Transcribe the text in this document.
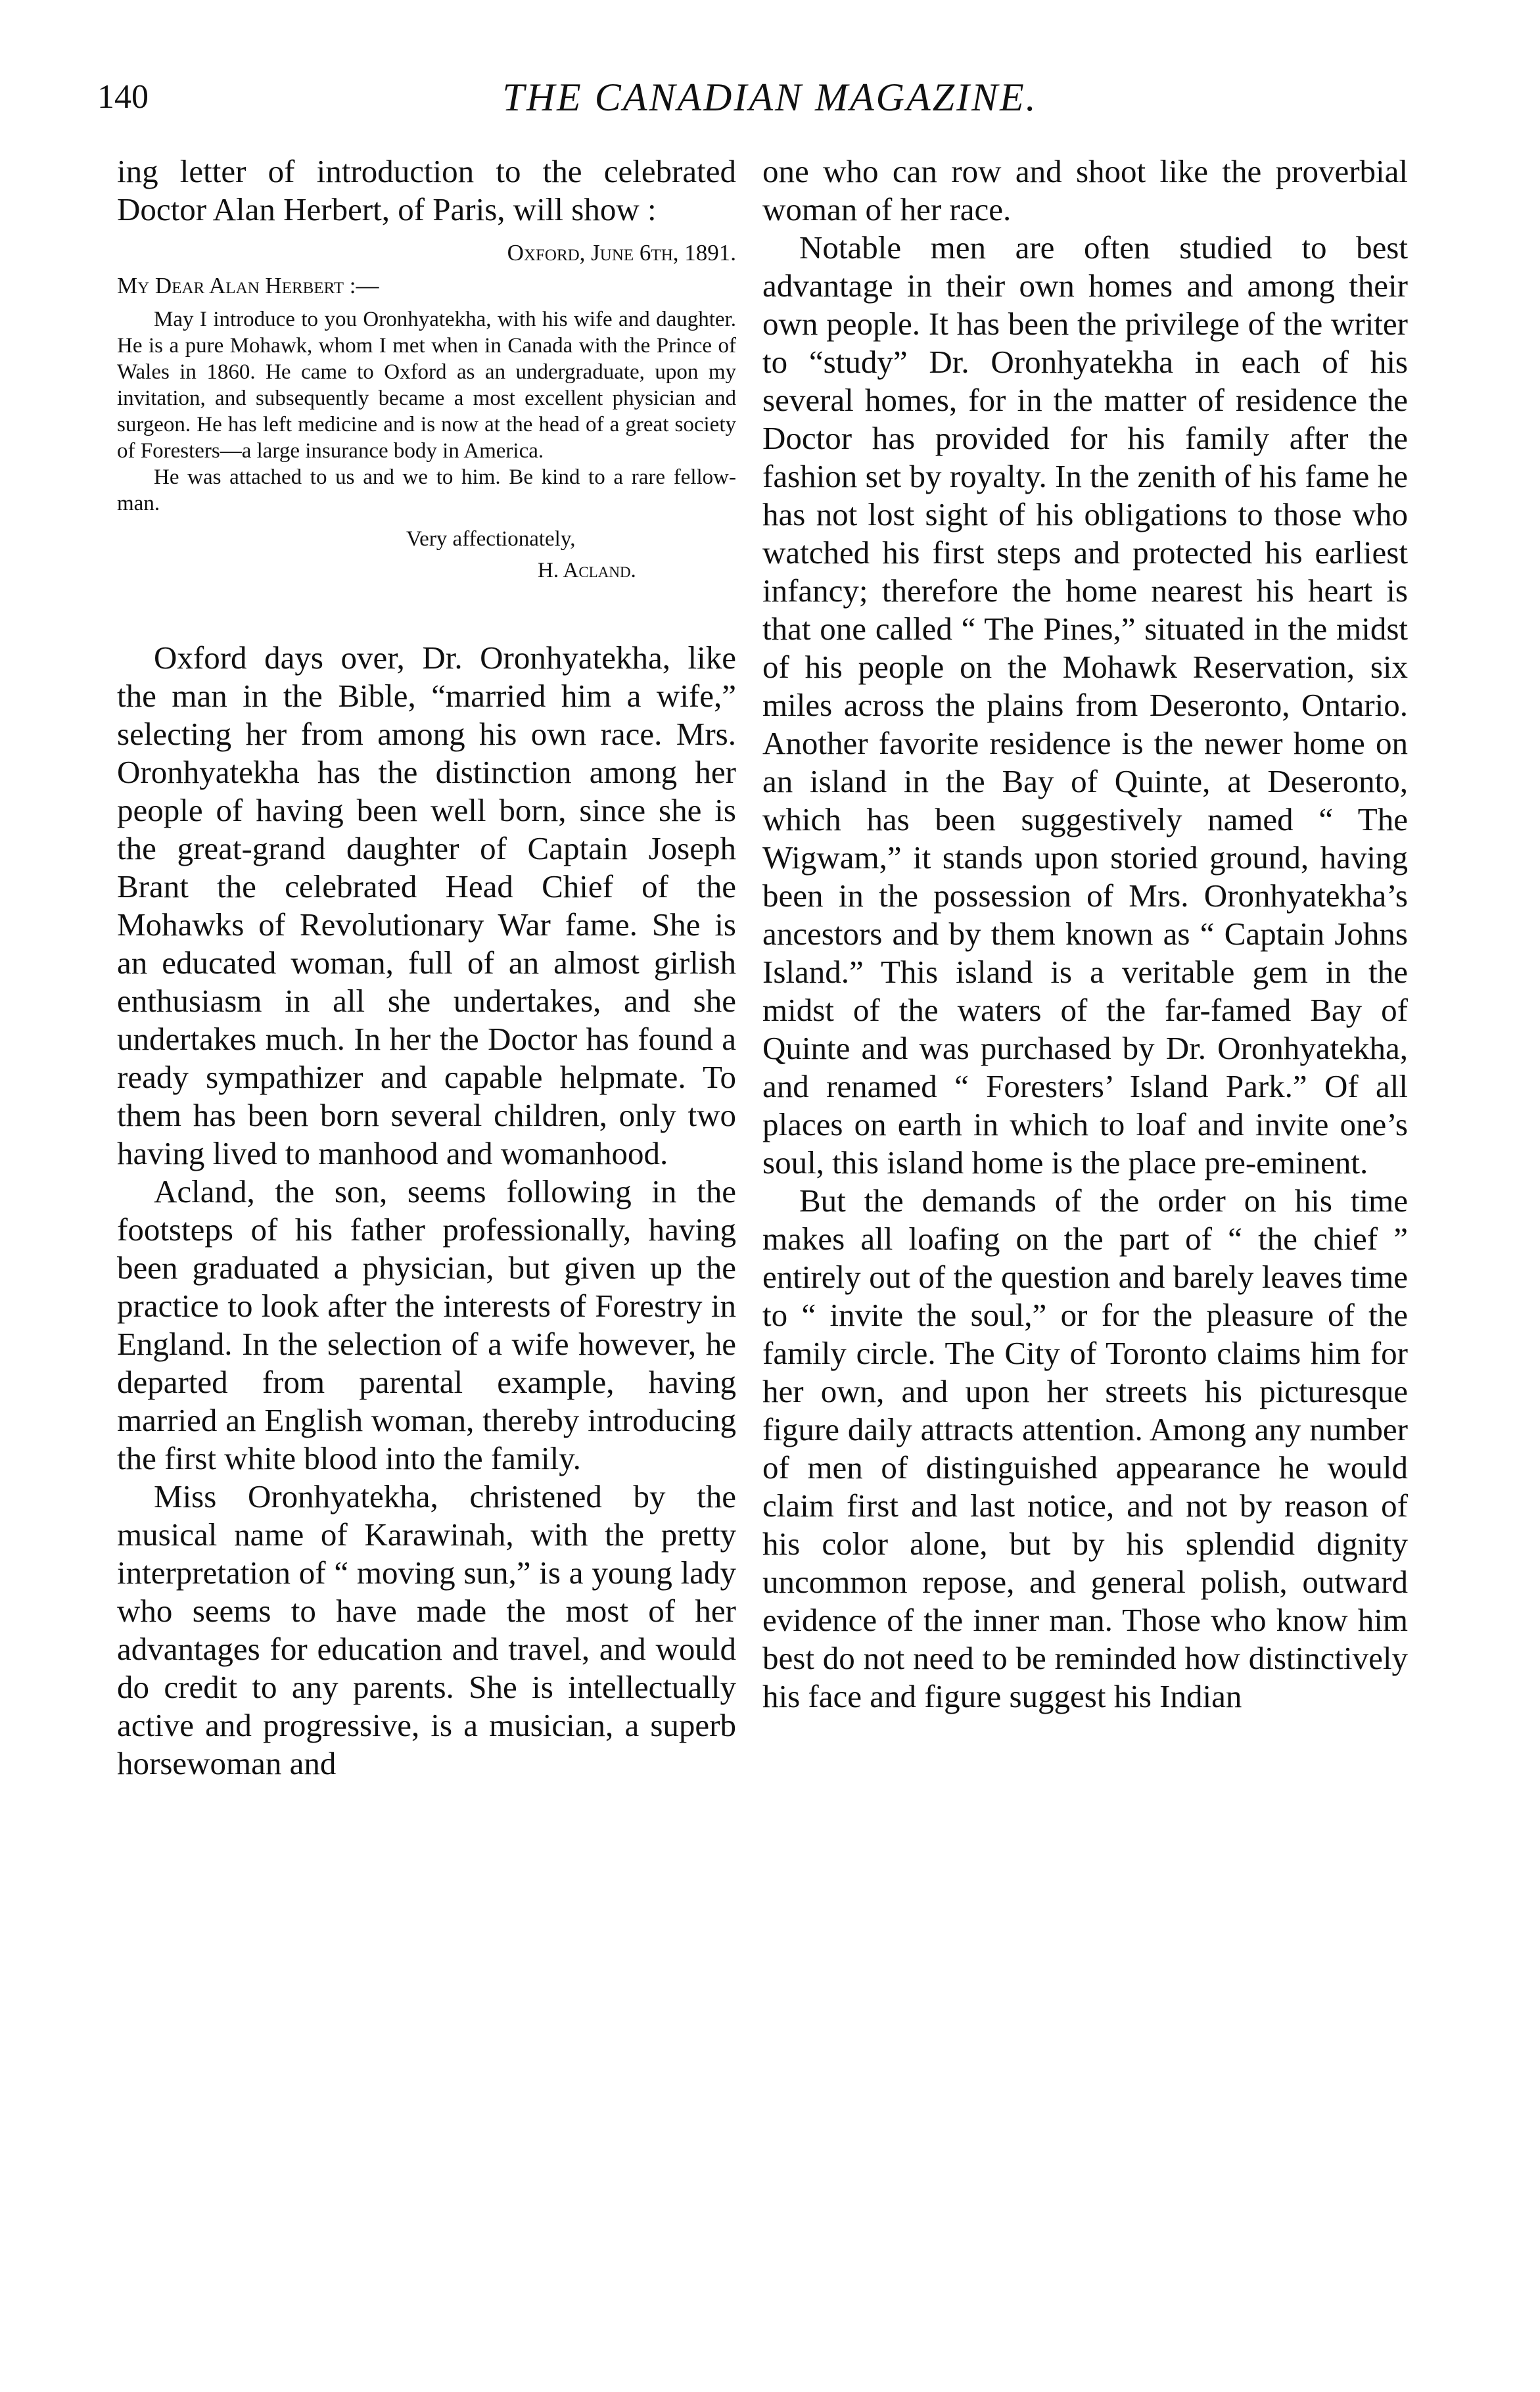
140	THE CANADIAN MAGAZINE.

ing letter of introduction to the celebrated Doctor Alan Herbert, of Paris, will show :

Oxford, June 6th, 1891.

My Dear Alan Herbert :—

May I introduce to you Oronhyatekha, with his wife and daughter. He is a pure Mohawk, whom I met when in Canada with the Prince of Wales in 1860. He came to Oxford as an undergraduate, upon my invitation, and subsequently became a most excellent physician and surgeon. He has left medicine and is now at the head of a great society of Foresters—a large insurance body in America.

He was attached to us and we to him. Be kind to a rare fellow-man.

Very affectionately,

H. Acland.

Oxford days over, Dr. Oronhyatekha, like the man in the Bible, “married him a wife,” selecting her from among his own race. Mrs. Oronhyatekha has the distinction among her people of having been well born, since she is the great-grand daughter of Captain Joseph Brant the celebrated Head Chief of the Mohawks of Revolutionary War fame. She is an educated woman, full of an almost girlish enthusiasm in all she undertakes, and she undertakes much. In her the Doctor has found a ready sympathizer and capable helpmate. To them has been born several children, only two having lived to manhood and womanhood.

Acland, the son, seems following in the footsteps of his father professionally, having been graduated a physician, but given up the practice to look after the interests of Forestry in England. In the selection of a wife however, he departed from parental example, having married an English woman, thereby introducing the first white blood into the family.

Miss Oronhyatekha, christened by the musical name of Karawinah, with the pretty interpretation of “ moving sun,” is a young lady who seems to have made the most of her advantages for education and travel, and would do credit to any parents. She is intellectually active and progressive, is a musician, a superb horsewoman and

one who can row and shoot like the proverbial woman of her race.

Notable men are often studied to best advantage in their own homes and among their own people. It has been the privilege of the writer to “study” Dr. Oronhyatekha in each of his several homes, for in the matter of residence the Doctor has provided for his family after the fashion set by royalty. In the zenith of his fame he has not lost sight of his obligations to those who watched his first steps and protected his earliest infancy; therefore the home nearest his heart is that one called “ The Pines,” situated in the midst of his people on the Mohawk Reservation, six miles across the plains from Deseronto, Ontario. Another favorite residence is the newer home on an island in the Bay of Quinte, at Deseronto, which has been suggestively named “ The Wigwam,” it stands upon storied ground, having been in the possession of Mrs. Oronhyatekha’s ancestors and by them known as “ Captain Johns Island.” This island is a veritable gem in the midst of the waters of the far-famed Bay of Quinte and was purchased by Dr. Oronhyatekha, and renamed “ Foresters’ Island Park.” Of all places on earth in which to loaf and invite one’s soul, this island home is the place pre-eminent.

But the demands of the order on his time makes all loafing on the part of “ the chief ” entirely out of the question and barely leaves time to “ invite the soul,” or for the pleasure of the family circle. The City of Toronto claims him for her own, and upon her streets his picturesque figure daily attracts attention. Among any number of men of distinguished appearance he would claim first and last notice, and not by reason of his color alone, but by his splendid dignity uncommon repose, and general polish, outward evidence of the inner man. Those who know him best do not need to be reminded how distinctively his face and figure suggest his Indian
